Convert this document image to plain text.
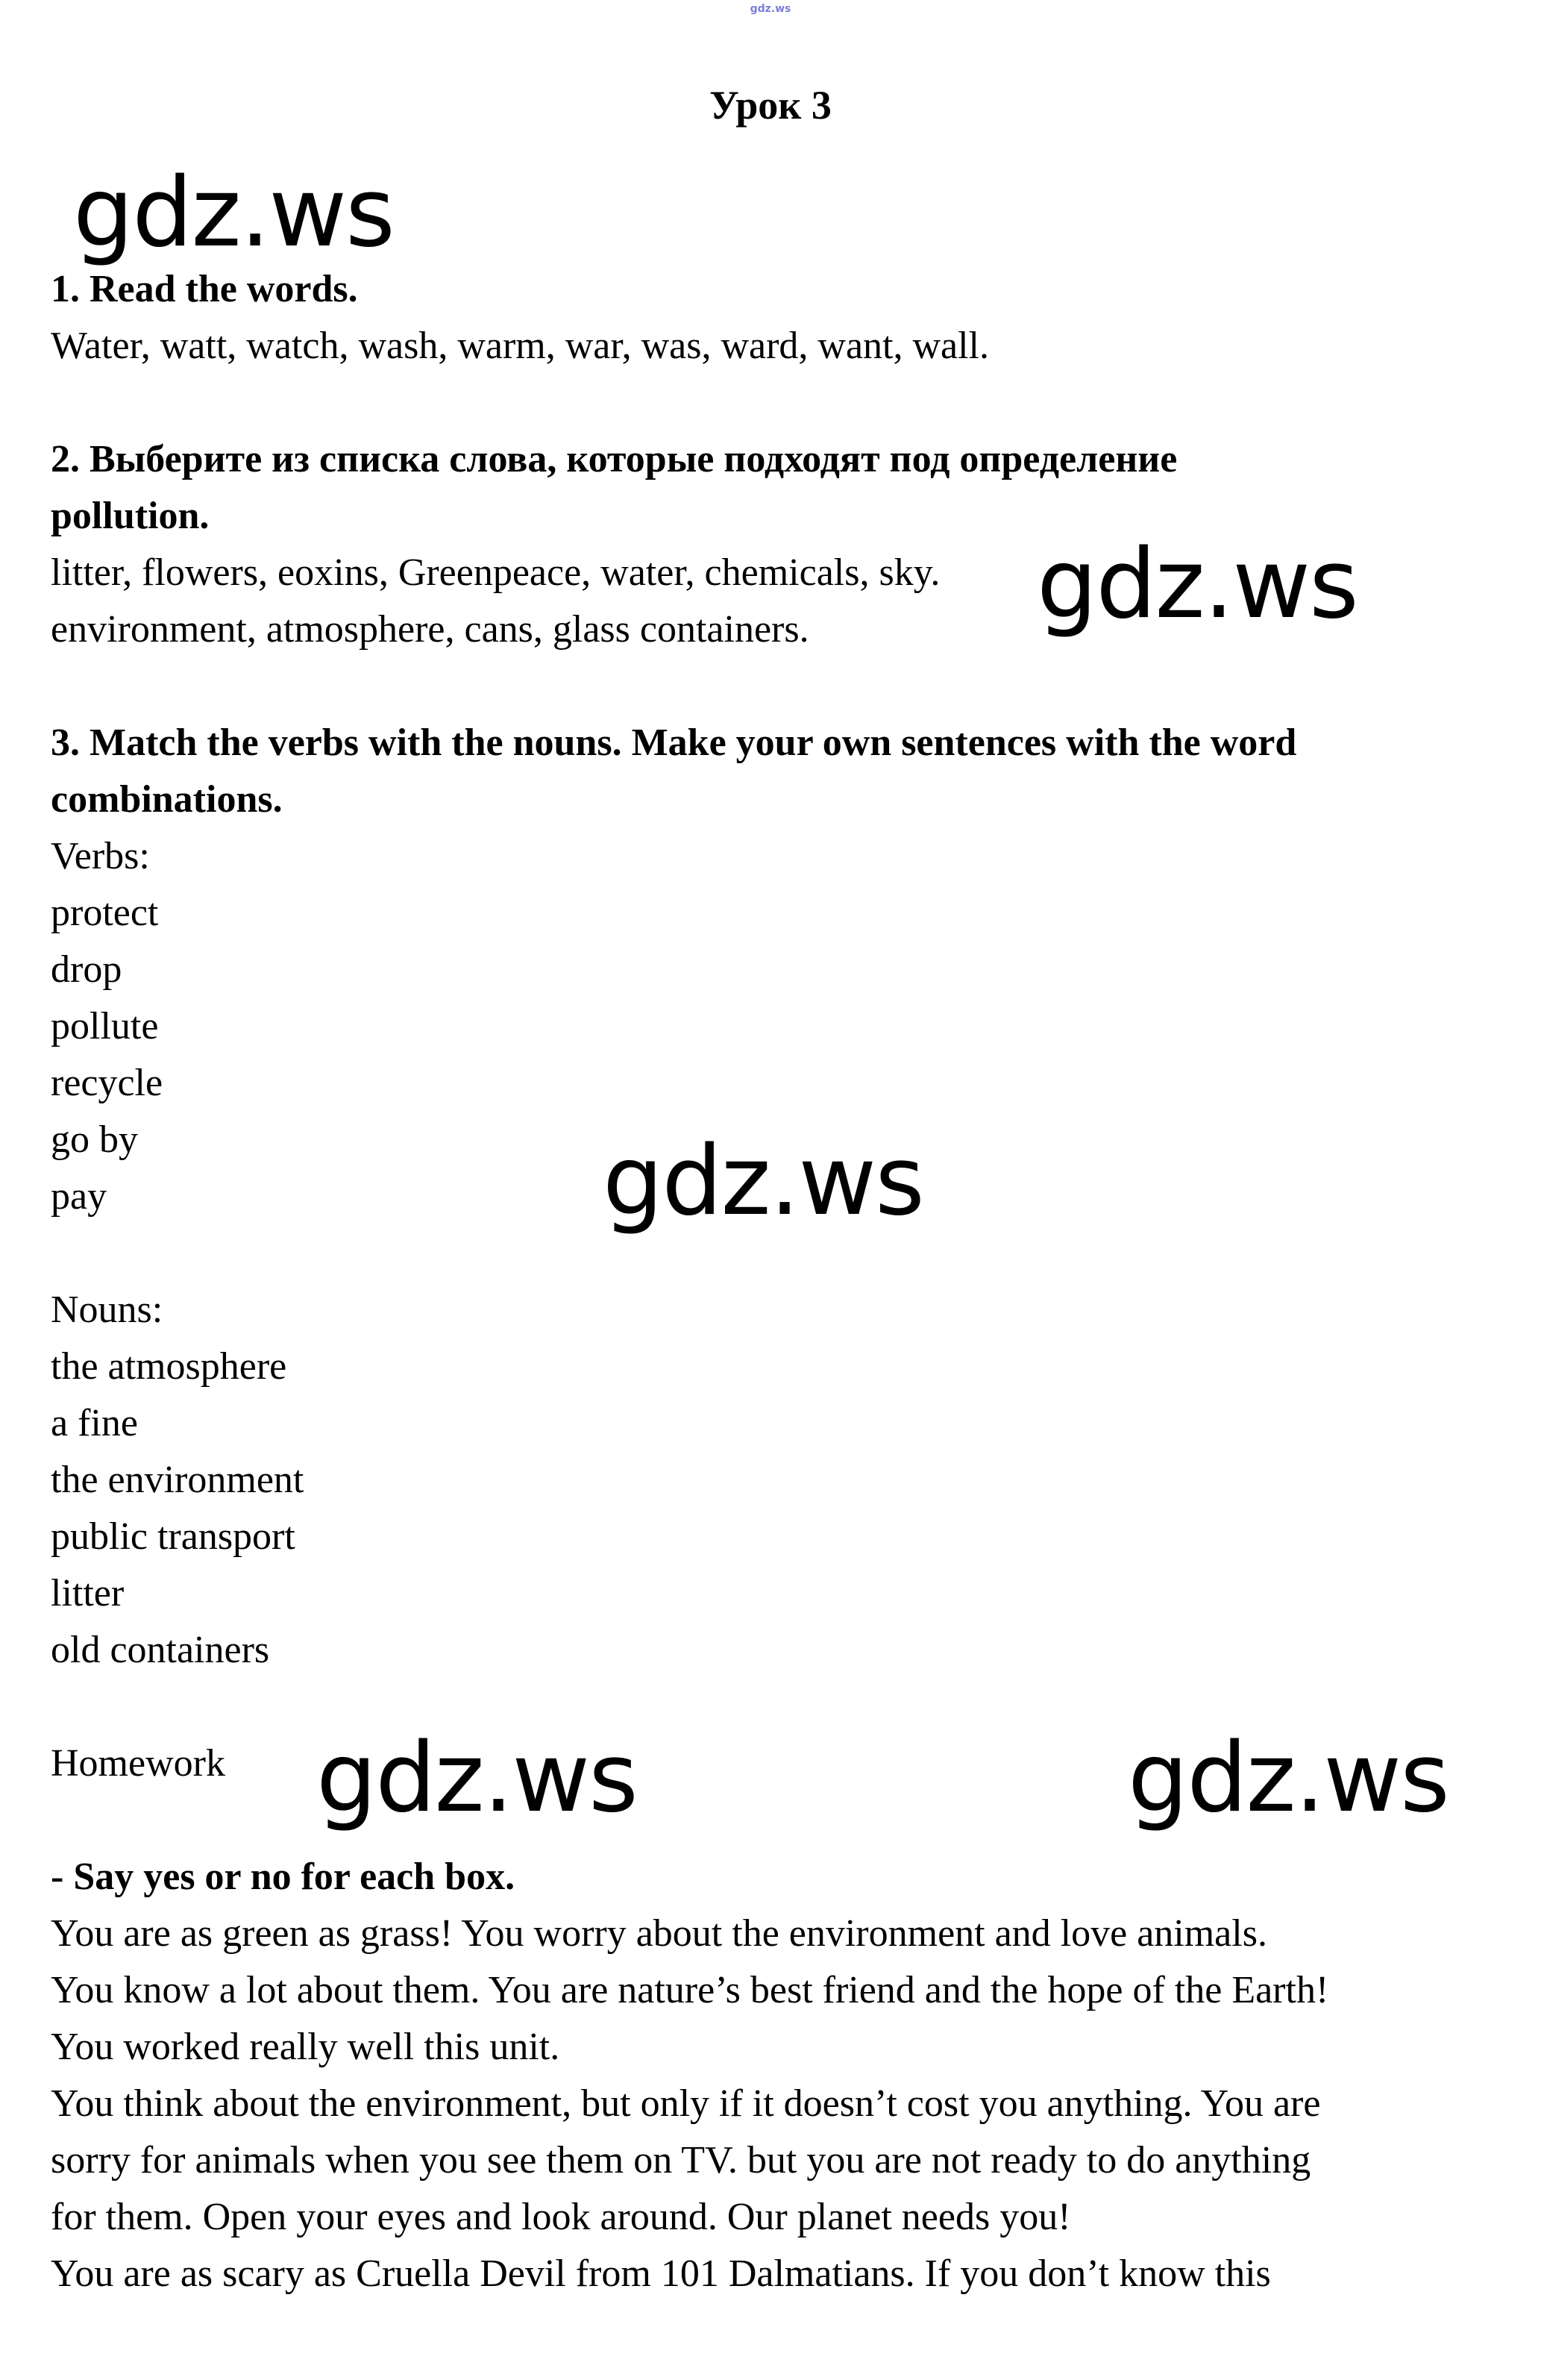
gdz.ws
Урок 3

1. Read the words.

Water, watt, watch, wash, warm, war, was, ward, want, wall.

2. Выберите из списка слова, которые подходят под определение

pollution.

litter, flowers, eoxins, Greenpeace, water, chemicals, sky.

environment, atmosphere, cans, glass containers.

3. Match the verbs with the nouns. Make your own sentences with the word

combinations.

Verbs:

protect

drop

pollute

recycle

go by

pay

Nouns:

the atmosphere

a fine

the environment

public transport

litter

old containers

Homework

- Say yes or no for each box.

You are as green as grass! You worry about the environment and love animals.

You know a lot about them. You are nature’s best friend and the hope of the Earth!

You worked really well this unit.

You think about the environment, but only if it doesn’t cost you anything. You are

sorry for animals when you see them on TV. but you are not ready to do anything

for them. Open your eyes and look around. Our planet needs you!

You are as scary as Cruella Devil from 101 Dalmatians. If you don’t know this

gdz.ws
gdz.ws
gdz.ws
gdz.ws	gdz.ws
